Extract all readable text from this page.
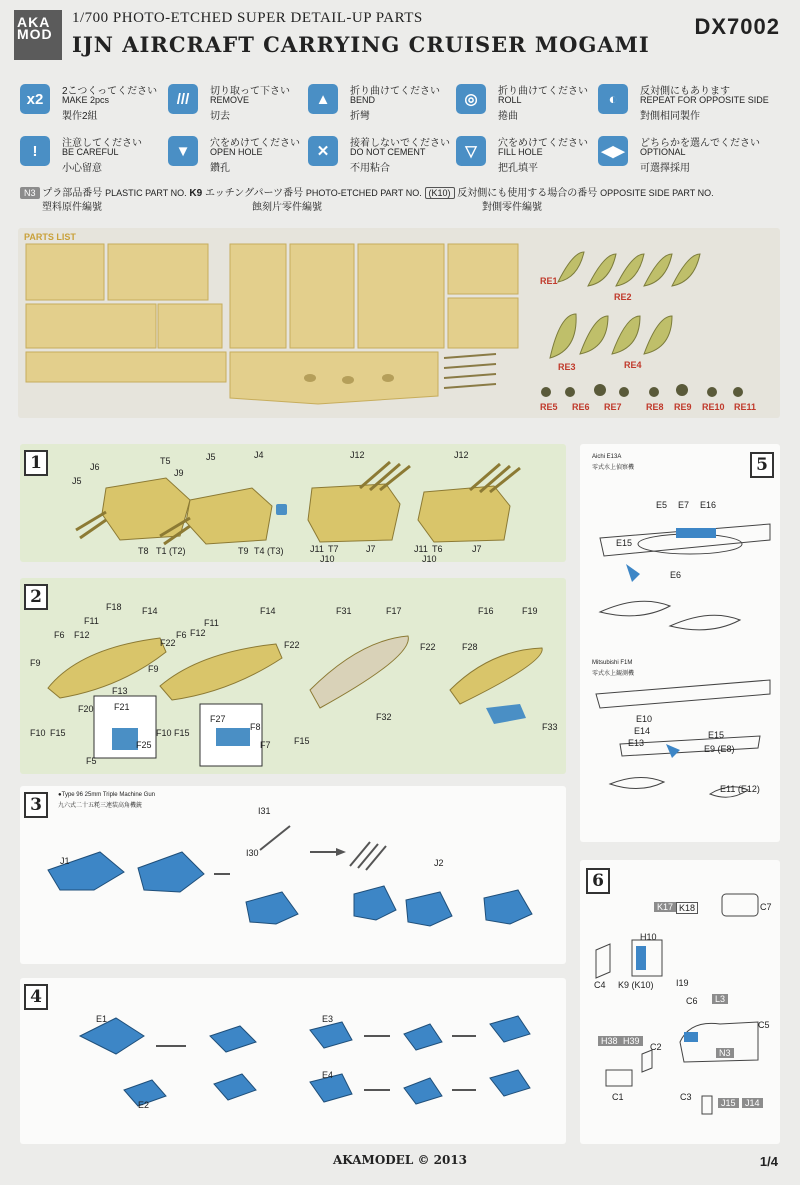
AKA
MOD
1/700 PHOTO-ETCHED SUPER DETAIL-UP PARTS
IJN AIRCRAFT CARRYING CRUISER MOGAMI
DX7002
x2	2こつくってください
MAKE 2pcs
製作2組
///	切り取って下さい
REMOVE
切去
▲	折り曲けてください
BEND
折彎
◎	折り曲けてください
ROLL
捲曲
◐	反対側にもあります
REPEAT FOR OPPOSITE SIDE
對側相同製作
!	注意してください
BE CAREFUL
小心留意
▼	穴をめけてください
OPEN HOLE
鑽孔
✕	接着しないでください
DO NOT CEMENT
不用粘合
▽	穴をめけてください
FILL HOLE
把孔填平
◀▶	どちらかを選んでください
OPTIONAL
可選擇採用
N3 プラ部品番号 PLASTIC PART NO. K9 エッチングパーツ番号 PHOTO-ETCHED PART NO. (K10) 反対側にも使用する場合の番号 OPPOSITE SIDE PART NO.
塑料原件編號	蝕刻片零件編號	對側零件編號
PARTS LIST
RE1
RE2
RE3	RE4
RE5 RE6 RE7	RE8 RE9 RE10 RE11
1	J6
J5
T5
J9
J5	J4
T8 T1 (T2)	T9 T4 (T3)
J12
J11 T7
J10
J7
J12
J11 T6
J10
J7
2	F18 F14
F6
F11
F12
F9
F10 F15
F13
F20 F21
F25
F5
F22
F6
F11
F12
F14
F22
F9
F10 F15
F27
F8
F7
F31	F17
F22
F32
F15
F16	F19
F28
F33
3	●Type 96 25mm Triple Machine Gun
九六式二十五粍三連装高角機銃
J1
I31
I30
J2
4
E1
E2
E3
E4
5
Aichi E13A
零式水上偵察機
Mitsubishi F1M
零式水上観測機
E5 E7 E16
E15
E6
E10
E14
E13
E15
E9 (E8)
E11 (E12)
6
K17 K18	C7
H10
C4 K9 (K10) I19
C6	L3
C5
N3
H38 H39
C2
C1	C3
J15	J14
AKAMODEL © 2013	1/4
